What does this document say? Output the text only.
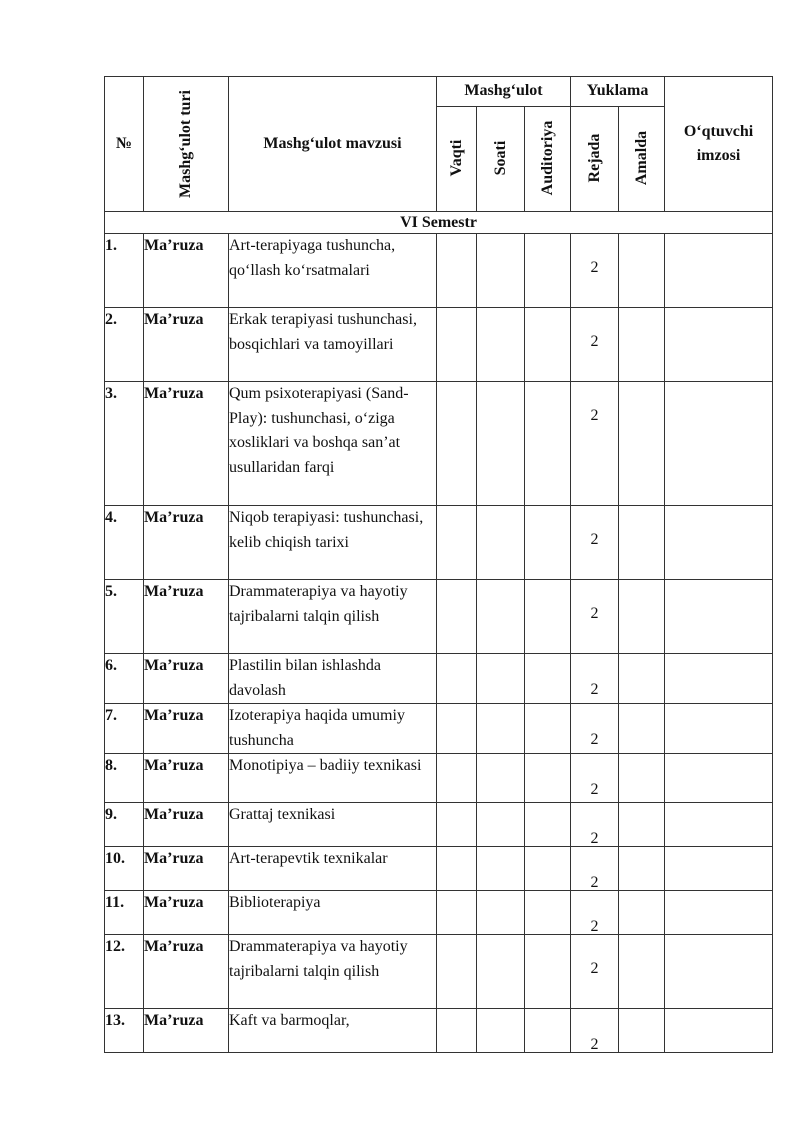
№	Mashg‘ulot turi	Mashg‘ulot mavzusi	Mashg‘ulot			Yuklama		O‘qtuvchi imzosi

			Vaqti	Soati	Auditoriya	Rejada	Amalda	

VI Semestr								
1.	Ma’ruza	Art-terapiyaga tushuncha, qo‘llash ko‘rsatmalari				2		

2.	Ma’ruza	Erkak terapiyasi tushunchasi, bosqichlari va tamoyillari				2		

3.	Ma’ruza	Qum psixoterapiyasi (Sand-Play): tushunchasi, o‘ziga xosliklari va boshqa san’at usullaridan farqi				2		

4.	Ma’ruza	Niqob terapiyasi: tushunchasi, kelib chiqish tarixi				2		

5.	Ma’ruza	Drammaterapiya va hayotiy tajribalarni talqin qilish				2		

6.	Ma’ruza	Plastilin bilan ishlashda davolash				2		

7.	Ma’ruza	Izoterapiya haqida umumiy tushuncha				2		

8.	Ma’ruza	Monotipiya – badiiy texnikasi				2		

9.	Ma’ruza	Grattaj texnikasi				2		

10.	Ma’ruza	Art-terapevtik texnikalar				2		

11.	Ma’ruza	Biblioterapiya				2		

12.	Ma’ruza	Drammaterapiya va hayotiy tajribalarni talqin qilish				2		

13.	Ma’ruza	Kaft va barmoqlar,				2		
